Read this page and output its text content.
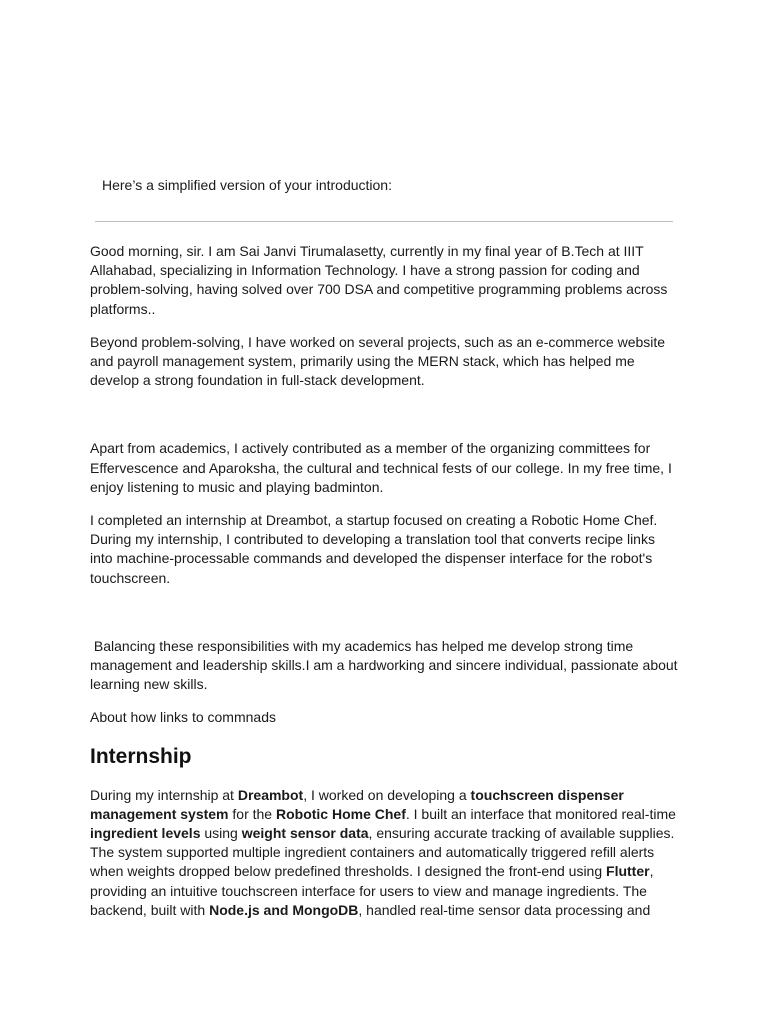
Here’s a simplified version of your introduction:

Good morning, sir. I am Sai Janvi Tirumalasetty, currently in my final year of B.Tech at IIIT Allahabad, specializing in Information Technology. I have a strong passion for coding and problem-solving, having solved over 700 DSA and competitive programming problems across platforms..

Beyond problem-solving, I have worked on several projects, such as an e-commerce website and payroll management system, primarily using the MERN stack, which has helped me develop a strong foundation in full-stack development.

Apart from academics, I actively contributed as a member of the organizing committees for Effervescence and Aparoksha, the cultural and technical fests of our college. In my free time, I enjoy listening to music and playing badminton.

I completed an internship at Dreambot, a startup focused on creating a Robotic Home Chef. During my internship, I contributed to developing a translation tool that converts recipe links into machine-processable commands and developed the dispenser interface for the robot's touchscreen.

Balancing these responsibilities with my academics has helped me develop strong time management and leadership skills.I am a hardworking and sincere individual, passionate about learning new skills.

About how links to commnads

Internship

During my internship at Dreambot, I worked on developing a touchscreen dispenser management system for the Robotic Home Chef. I built an interface that monitored real-time ingredient levels using weight sensor data, ensuring accurate tracking of available supplies. The system supported multiple ingredient containers and automatically triggered refill alerts when weights dropped below predefined thresholds. I designed the front-end using Flutter, providing an intuitive touchscreen interface for users to view and manage ingredients. The backend, built with Node.js and MongoDB, handled real-time sensor data processing and
